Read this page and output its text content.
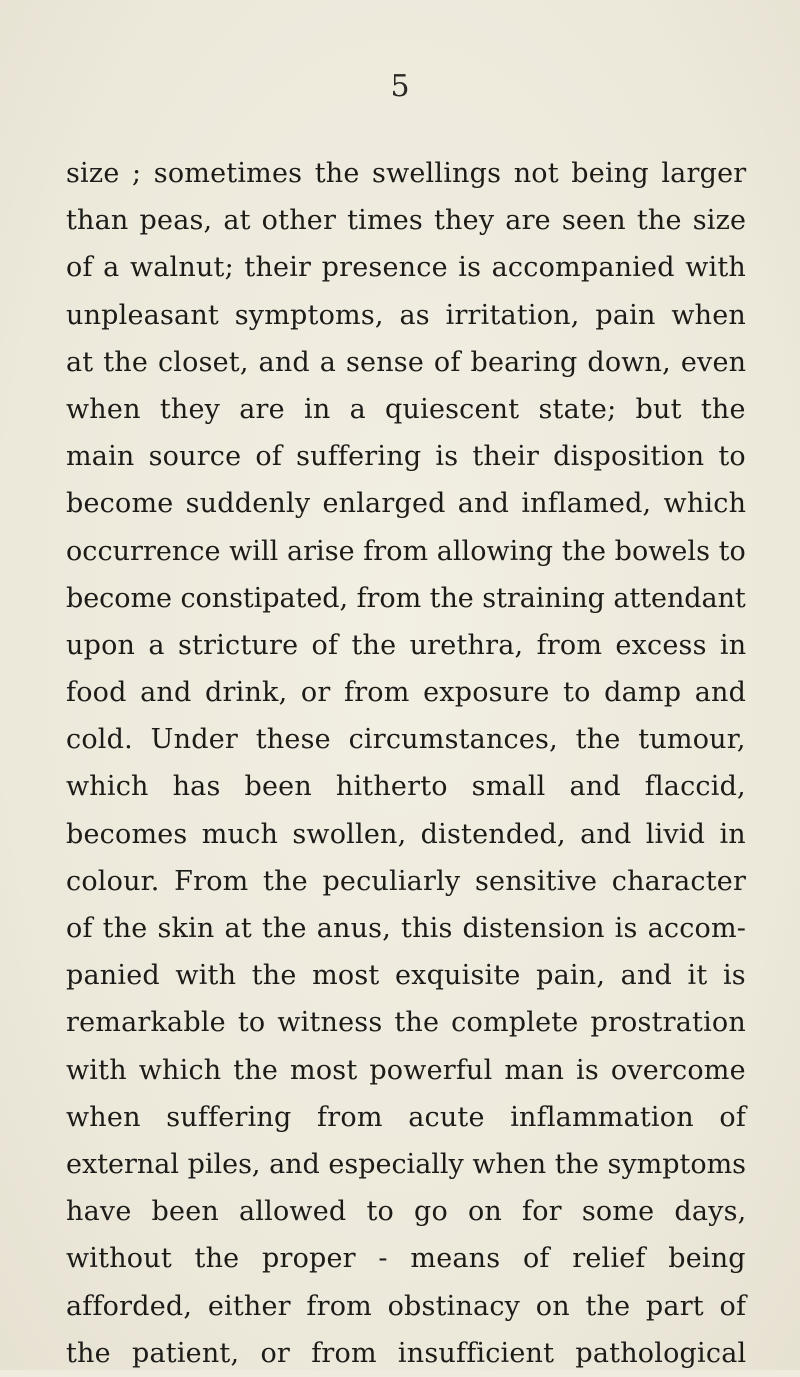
5
size ; sometimes the swellings not being larger
than peas, at other times they are seen the size
of a walnut; their presence is accompanied with
unpleasant symptoms, as irritation, pain when
at the closet, and a sense of bearing down, even
when they are in a quiescent state; but the
main source of suffering is their disposition to
become suddenly enlarged and inflamed, which
occurrence will arise from allowing the bowels to
become constipated, from the straining attendant
upon a stricture of the urethra, from excess in
food and drink, or from exposure to damp and
cold. Under these circumstances, the tumour,
which has been hitherto small and flaccid,
becomes much swollen, distended, and livid in
colour. From the peculiarly sensitive character
of the skin at the anus, this distension is accom-
panied with the most exquisite pain, and it is
remarkable to witness the complete prostration
with which the most powerful man is overcome
when suffering from acute inflammation of
external piles, and especially when the symptoms
have been allowed to go on for some days,
without the proper - means of relief being
afforded, either from obstinacy on the part of
the patient, or from insufficient pathological
